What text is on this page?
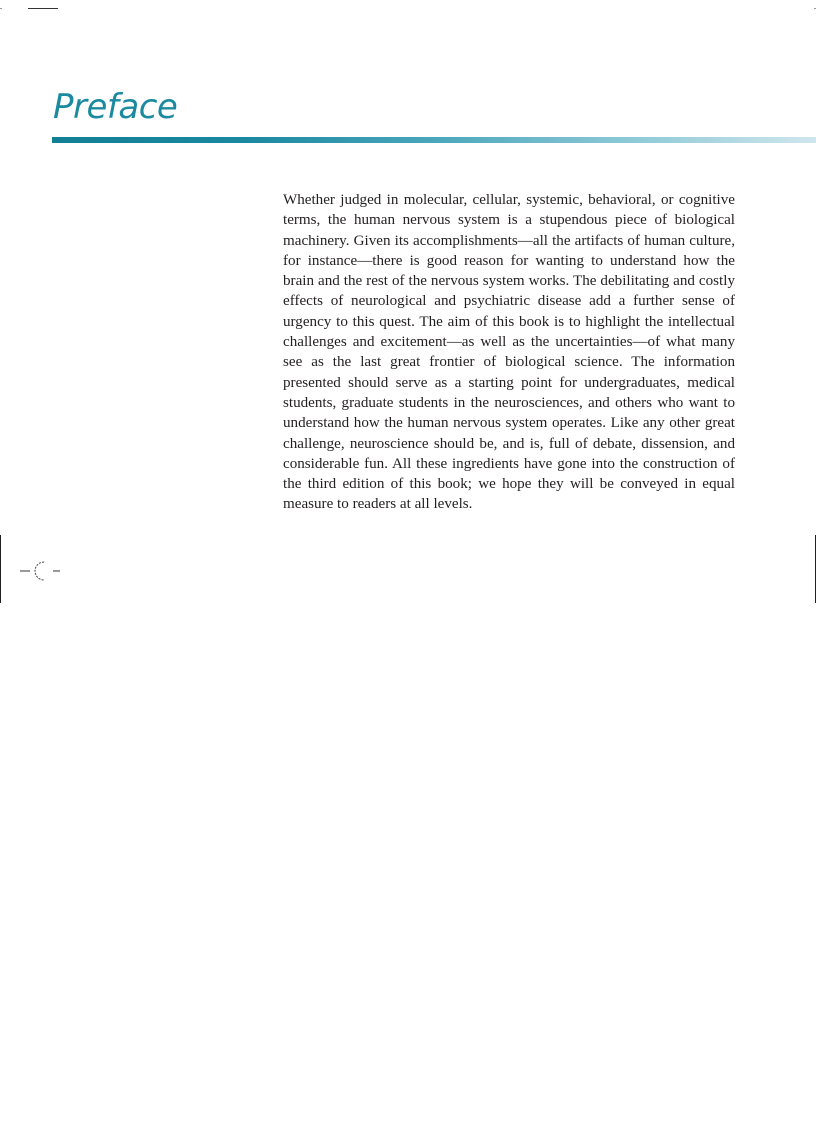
Preface

Whether judged in molecular, cellular, systemic, behavioral, or cognitive terms, the human nervous system is a stupendous piece of biological machinery. Given its accomplishments—all the artifacts of human culture, for instance—there is good reason for wanting to understand how the brain and the rest of the nervous system works. The debilitating and costly effects of neurological and psychiatric disease add a further sense of urgency to this quest. The aim of this book is to highlight the intellectual challenges and excitement—as well as the uncertainties—of what many see as the last great frontier of biological science. The information presented should serve as a starting point for undergraduates, medical students, graduate students in the neurosciences, and others who want to understand how the human nervous system operates. Like any other great challenge, neuroscience should be, and is, full of debate, dissension, and considerable fun. All these ingredients have gone into the construction of the third edition of this book; we hope they will be conveyed in equal measure to readers at all levels.
